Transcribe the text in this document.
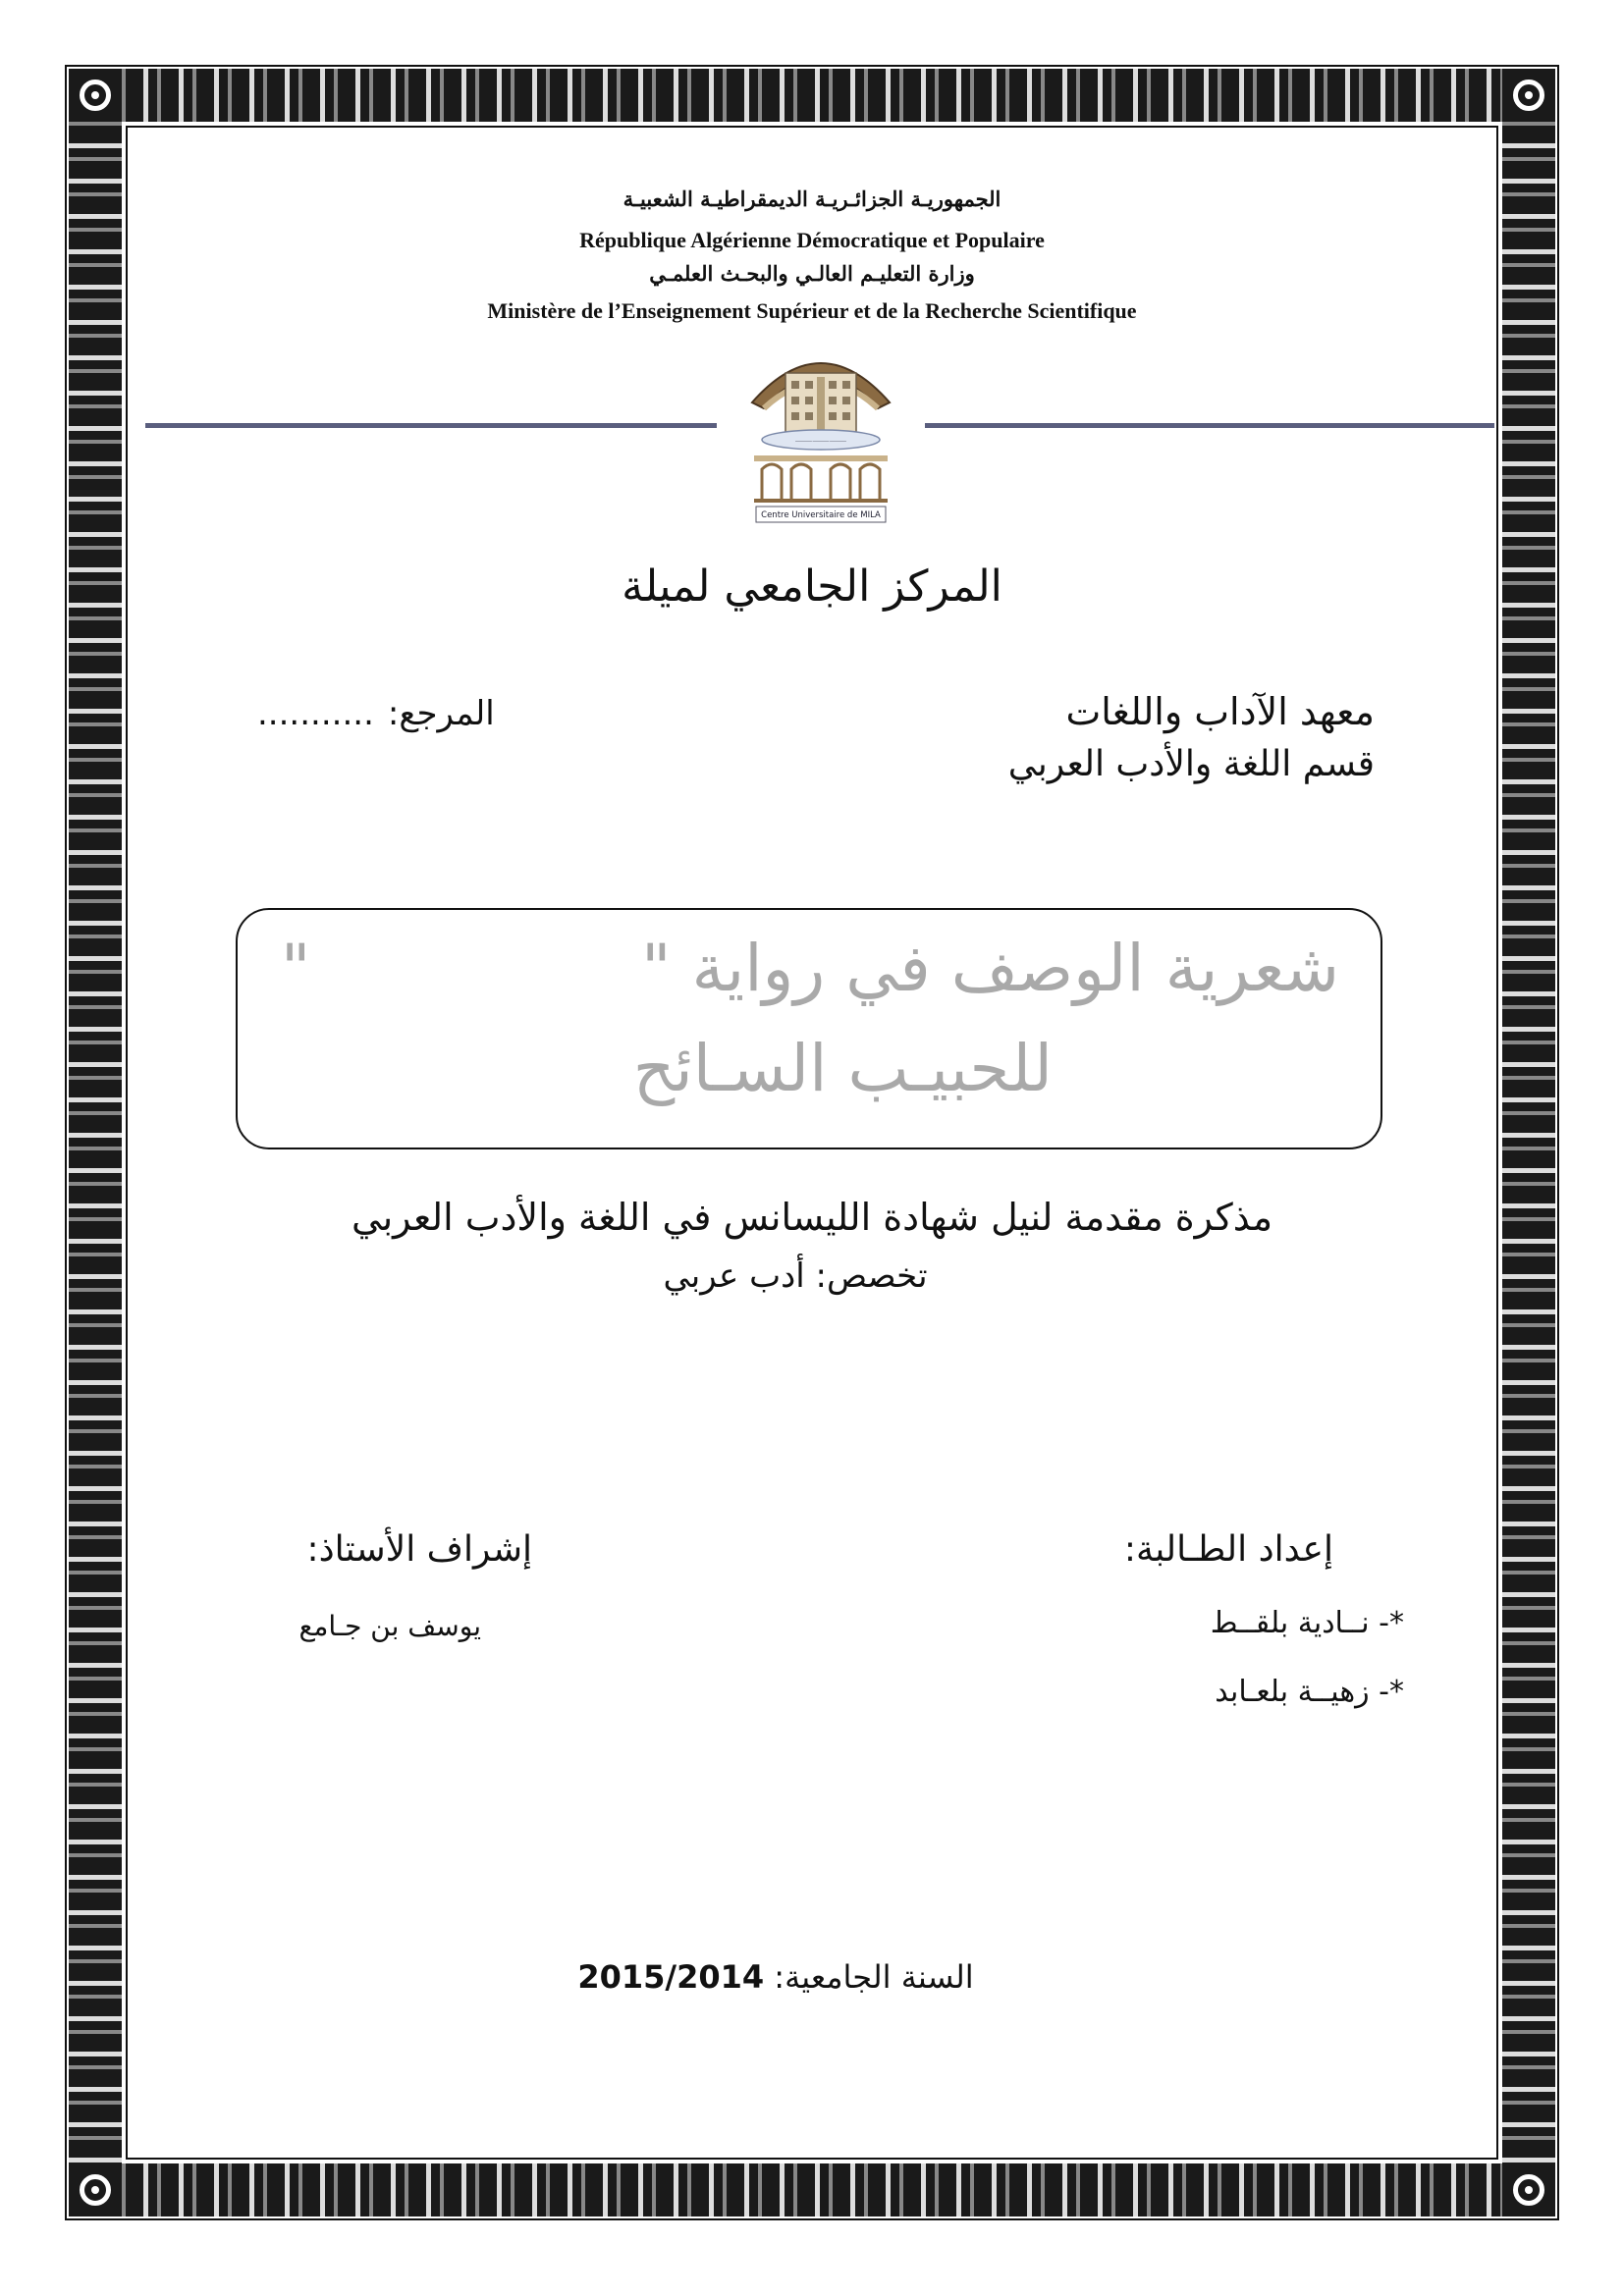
الجمهوريـة الجزائـريـة الديمقراطيـة الشعبيـة
République Algérienne Démocratique et Populaire
وزارة التعليـم العالـي والبحـث العلمـي
Ministère de l’Enseignement Supérieur et de la Recherche Scientifique
⸻⸻⸻
Centre Universitaire de MILA
المركز الجامعي لميلة
معهد الآداب واللغات
قسم اللغة والأدب العربي
المرجع:
...........
شعرية الوصف في رواية "
"
للحبيـب السـائح
مذكرة مقدمة لنيل شهادة الليسانس في اللغة والأدب العربي
تخصص: أدب عربي
إعداد الطـالبة:
*- نــادية بلقــط
*- زهيــة بلعـابد
إشراف الأستاذ:
يوسف بن جـامع
السنة الجامعية: 2015/2014
